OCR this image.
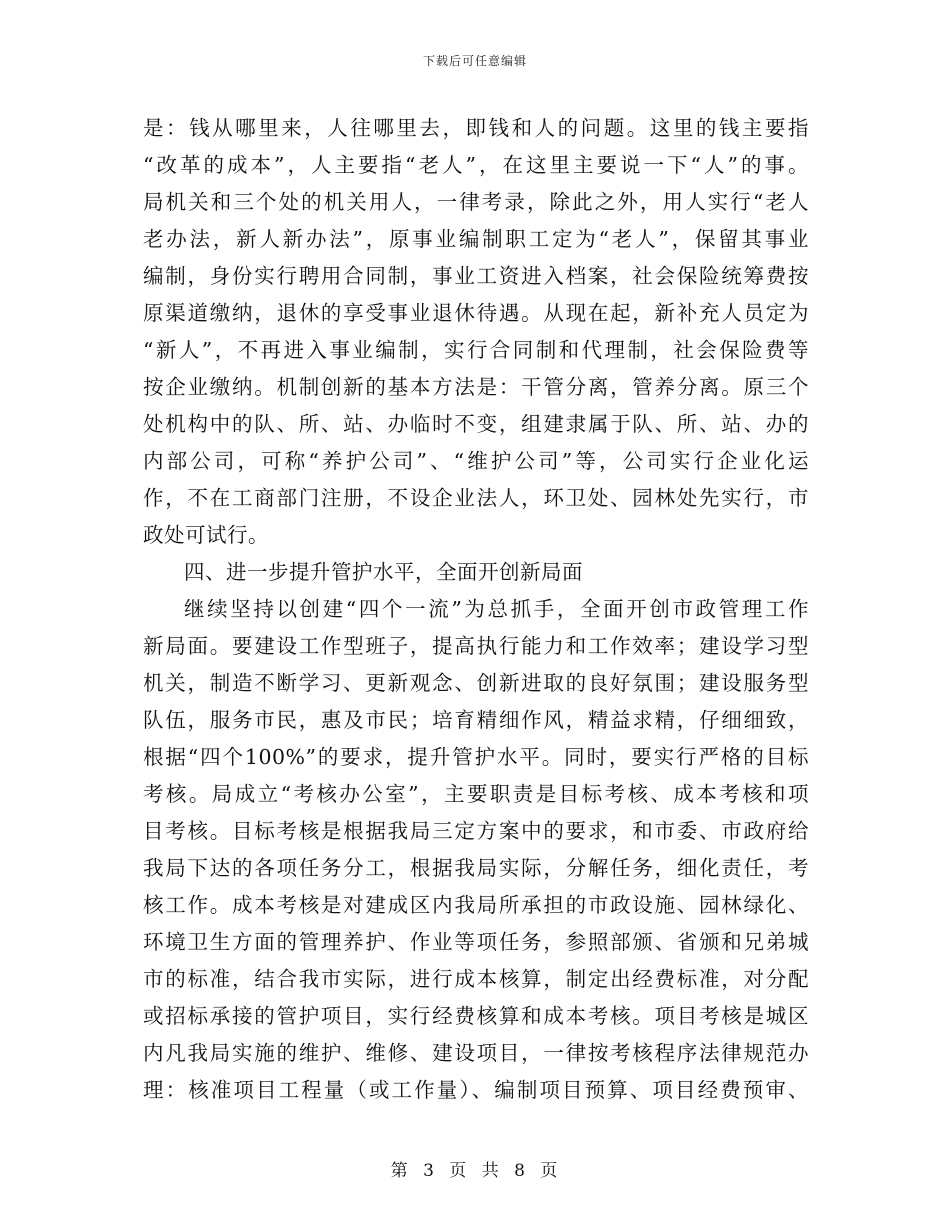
下载后可任意编辑
是：钱从哪里来，人往哪里去，即钱和人的问题。这里的钱主要指
“改革的成本”，人主要指“老人”，在这里主要说一下“人”的事。
局机关和三个处的机关用人，一律考录，除此之外，用人实行“老人
老办法，新人新办法”，原事业编制职工定为“老人”，保留其事业
编制，身份实行聘用合同制，事业工资进入档案，社会保险统筹费按
原渠道缴纳，退休的享受事业退休待遇。从现在起，新补充人员定为
“新人”，不再进入事业编制，实行合同制和代理制，社会保险费等
按企业缴纳。机制创新的基本方法是：干管分离，管养分离。原三个
处机构中的队、所、站、办临时不变，组建隶属于队、所、站、办的
内部公司，可称“养护公司”、“维护公司”等，公司实行企业化运
作，不在工商部门注册，不设企业法人，环卫处、园林处先实行，市
政处可试行。
四、进一步提升管护水平，全面开创新局面
继续坚持以创建“四个一流”为总抓手，全面开创市政管理工作
新局面。要建设工作型班子，提高执行能力和工作效率；建设学习型
机关，制造不断学习、更新观念、创新进取的良好氛围；建设服务型
队伍，服务市民，惠及市民；培育精细作风，精益求精，仔细细致，
根据“四个100%”的要求，提升管护水平。同时，要实行严格的目标
考核。局成立“考核办公室”，主要职责是目标考核、成本考核和项
目考核。目标考核是根据我局三定方案中的要求，和市委、市政府给
我局下达的各项任务分工，根据我局实际，分解任务，细化责任，考
核工作。成本考核是对建成区内我局所承担的市政设施、园林绿化、
环境卫生方面的管理养护、作业等项任务，参照部颁、省颁和兄弟城
市的标准，结合我市实际，进行成本核算，制定出经费标准，对分配
或招标承接的管护项目，实行经费核算和成本考核。项目考核是城区
内凡我局实施的维护、维修、建设项目，一律按考核程序法律规范办
理：核准项目工程量（或工作量）、编制项目预算、项目经费预审、
第 3 页 共 8 页
